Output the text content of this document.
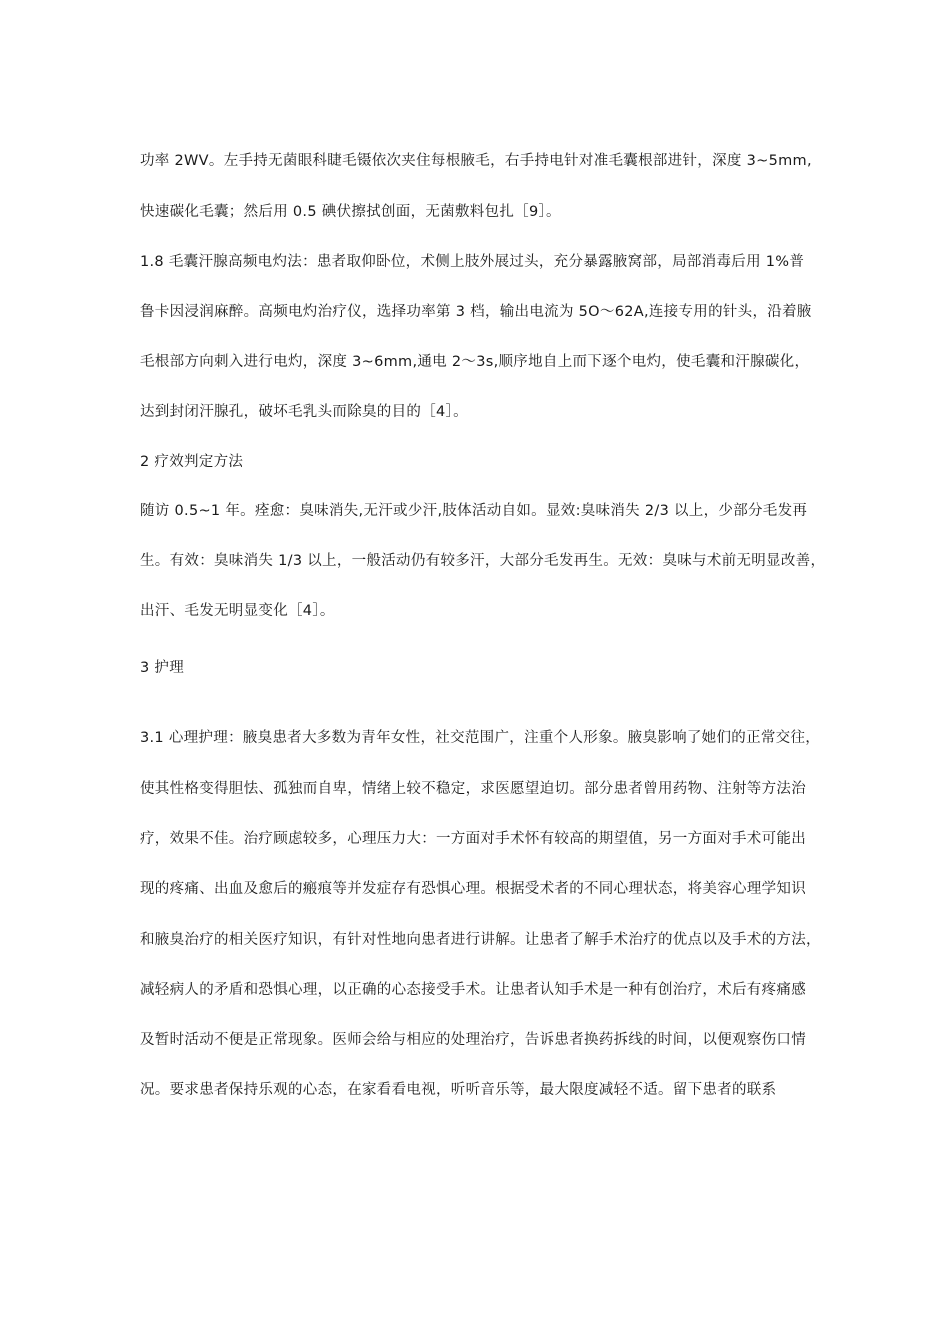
功率 2WV。左手持无菌眼科睫毛镊依次夹住每根腋毛，右手持电针对准毛囊根部进针，深度 3~5mm,
快速碳化毛囊；然后用 0.5 碘伏擦拭创面，无菌敷料包扎［9］。
1.8 毛囊汗腺高频电灼法：患者取仰卧位，术侧上肢外展过头，充分暴露腋窝部，局部消毒后用 1%普
鲁卡因浸润麻醉。高频电灼治疗仪，选择功率第 3 档，输出电流为 5O～62A,连接专用的针头，沿着腋
毛根部方向刺入进行电灼，深度 3~6mm,通电 2～3s,顺序地自上而下逐个电灼，使毛囊和汗腺碳化，
达到封闭汗腺孔，破坏毛乳头而除臭的目的［4］。
2 疗效判定方法
随访 0.5~1 年。痊愈：臭味消失,无汗或少汗,肢体活动自如。显效:臭味消失 2/3 以上，少部分毛发再
生。有效：臭味消失 1/3 以上，一般活动仍有较多汗，大部分毛发再生。无效：臭味与术前无明显改善，
出汗、毛发无明显变化［4］。
3 护理
3.1 心理护理：腋臭患者大多数为青年女性，社交范围广，注重个人形象。腋臭影响了她们的正常交往，
使其性格变得胆怯、孤独而自卑，情绪上较不稳定，求医愿望迫切。部分患者曾用药物、注射等方法治
疗，效果不佳。治疗顾虑较多，心理压力大：一方面对手术怀有较高的期望值，另一方面对手术可能出
现的疼痛、出血及愈后的瘢痕等并发症存有恐惧心理。根据受术者的不同心理状态，将美容心理学知识
和腋臭治疗的相关医疗知识，有针对性地向患者进行讲解。让患者了解手术治疗的优点以及手术的方法，
减轻病人的矛盾和恐惧心理，以正确的心态接受手术。让患者认知手术是一种有创治疗，术后有疼痛感
及暂时活动不便是正常现象。医师会给与相应的处理治疗，告诉患者换药拆线的时间，以便观察伤口情
况。要求患者保持乐观的心态，在家看看电视，听听音乐等，最大限度减轻不适。留下患者的联系
